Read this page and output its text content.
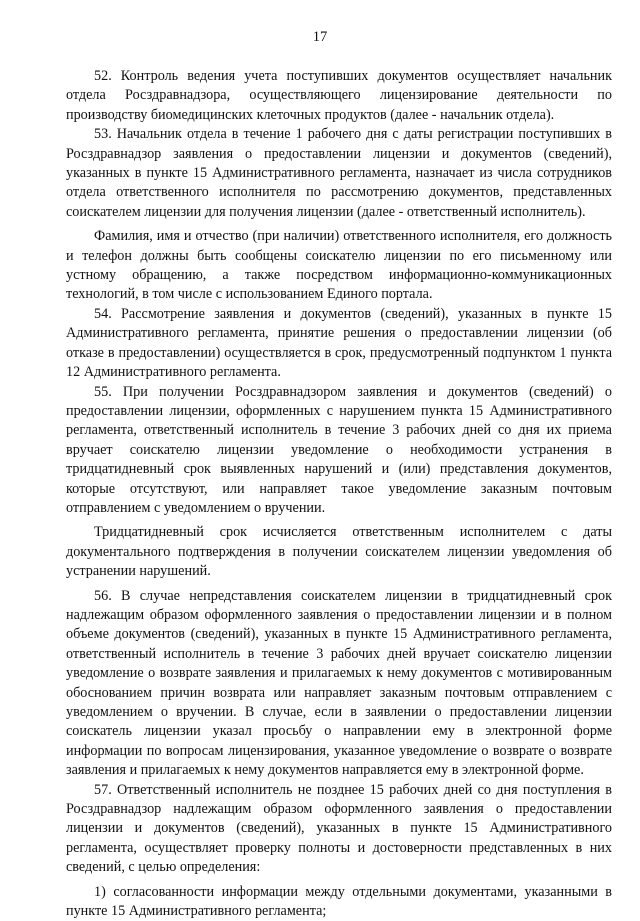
17

52. Контроль ведения учета поступивших документов осуществляет начальник отдела Росздравнадзора, осуществляющего лицензирование деятельности по производству биомедицинских клеточных продуктов (далее - начальник отдела).

53. Начальник отдела в течение 1 рабочего дня с даты регистрации поступивших в Росздравнадзор заявления о предоставлении лицензии и документов (сведений), указанных в пункте 15 Административного регламента, назначает из числа сотрудников отдела ответственного исполнителя по рассмотрению документов, представленных соискателем лицензии для получения лицензии (далее - ответственный исполнитель).

Фамилия, имя и отчество (при наличии) ответственного исполнителя, его должность и телефон должны быть сообщены соискателю лицензии по его письменному или устному обращению, а также посредством информационно-коммуникационных технологий, в том числе с использованием Единого портала.

54. Рассмотрение заявления и документов (сведений), указанных в пункте 15 Административного регламента, принятие решения о предоставлении лицензии (об отказе в предоставлении) осуществляется в срок, предусмотренный подпунктом 1 пункта 12 Административного регламента.

55. При получении Росздравнадзором заявления и документов (сведений) о предоставлении лицензии, оформленных с нарушением пункта 15 Административного регламента, ответственный исполнитель в течение 3 рабочих дней со дня их приема вручает соискателю лицензии уведомление о необходимости устранения в тридцатидневный срок выявленных нарушений и (или) представления документов, которые отсутствуют, или направляет такое уведомление заказным почтовым отправлением с уведомлением о вручении.

Тридцатидневный срок исчисляется ответственным исполнителем с даты документального подтверждения в получении соискателем лицензии уведомления об устранении нарушений.

56. В случае непредставления соискателем лицензии в тридцатидневный срок надлежащим образом оформленного заявления о предоставлении лицензии и в полном объеме документов (сведений), указанных в пункте 15 Административного регламента, ответственный исполнитель в течение 3 рабочих дней вручает соискателю лицензии уведомление о возврате заявления и прилагаемых к нему документов с мотивированным обоснованием причин возврата или направляет заказным почтовым отправлением с уведомлением о вручении. В случае, если в заявлении о предоставлении лицензии соискатель лицензии указал просьбу о направлении ему в электронной форме информации по вопросам лицензирования, указанное уведомление о возврате о возврате заявления и прилагаемых к нему документов направляется ему в электронной форме.

57. Ответственный исполнитель не позднее 15 рабочих дней со дня поступления в Росздравнадзор надлежащим образом оформленного заявления о предоставлении лицензии и документов (сведений), указанных в пункте 15 Административного регламента, осуществляет проверку полноты и достоверности представленных в них сведений, с целью определения:

1) согласованности информации между отдельными документами, указанными в пункте 15 Административного регламента;
